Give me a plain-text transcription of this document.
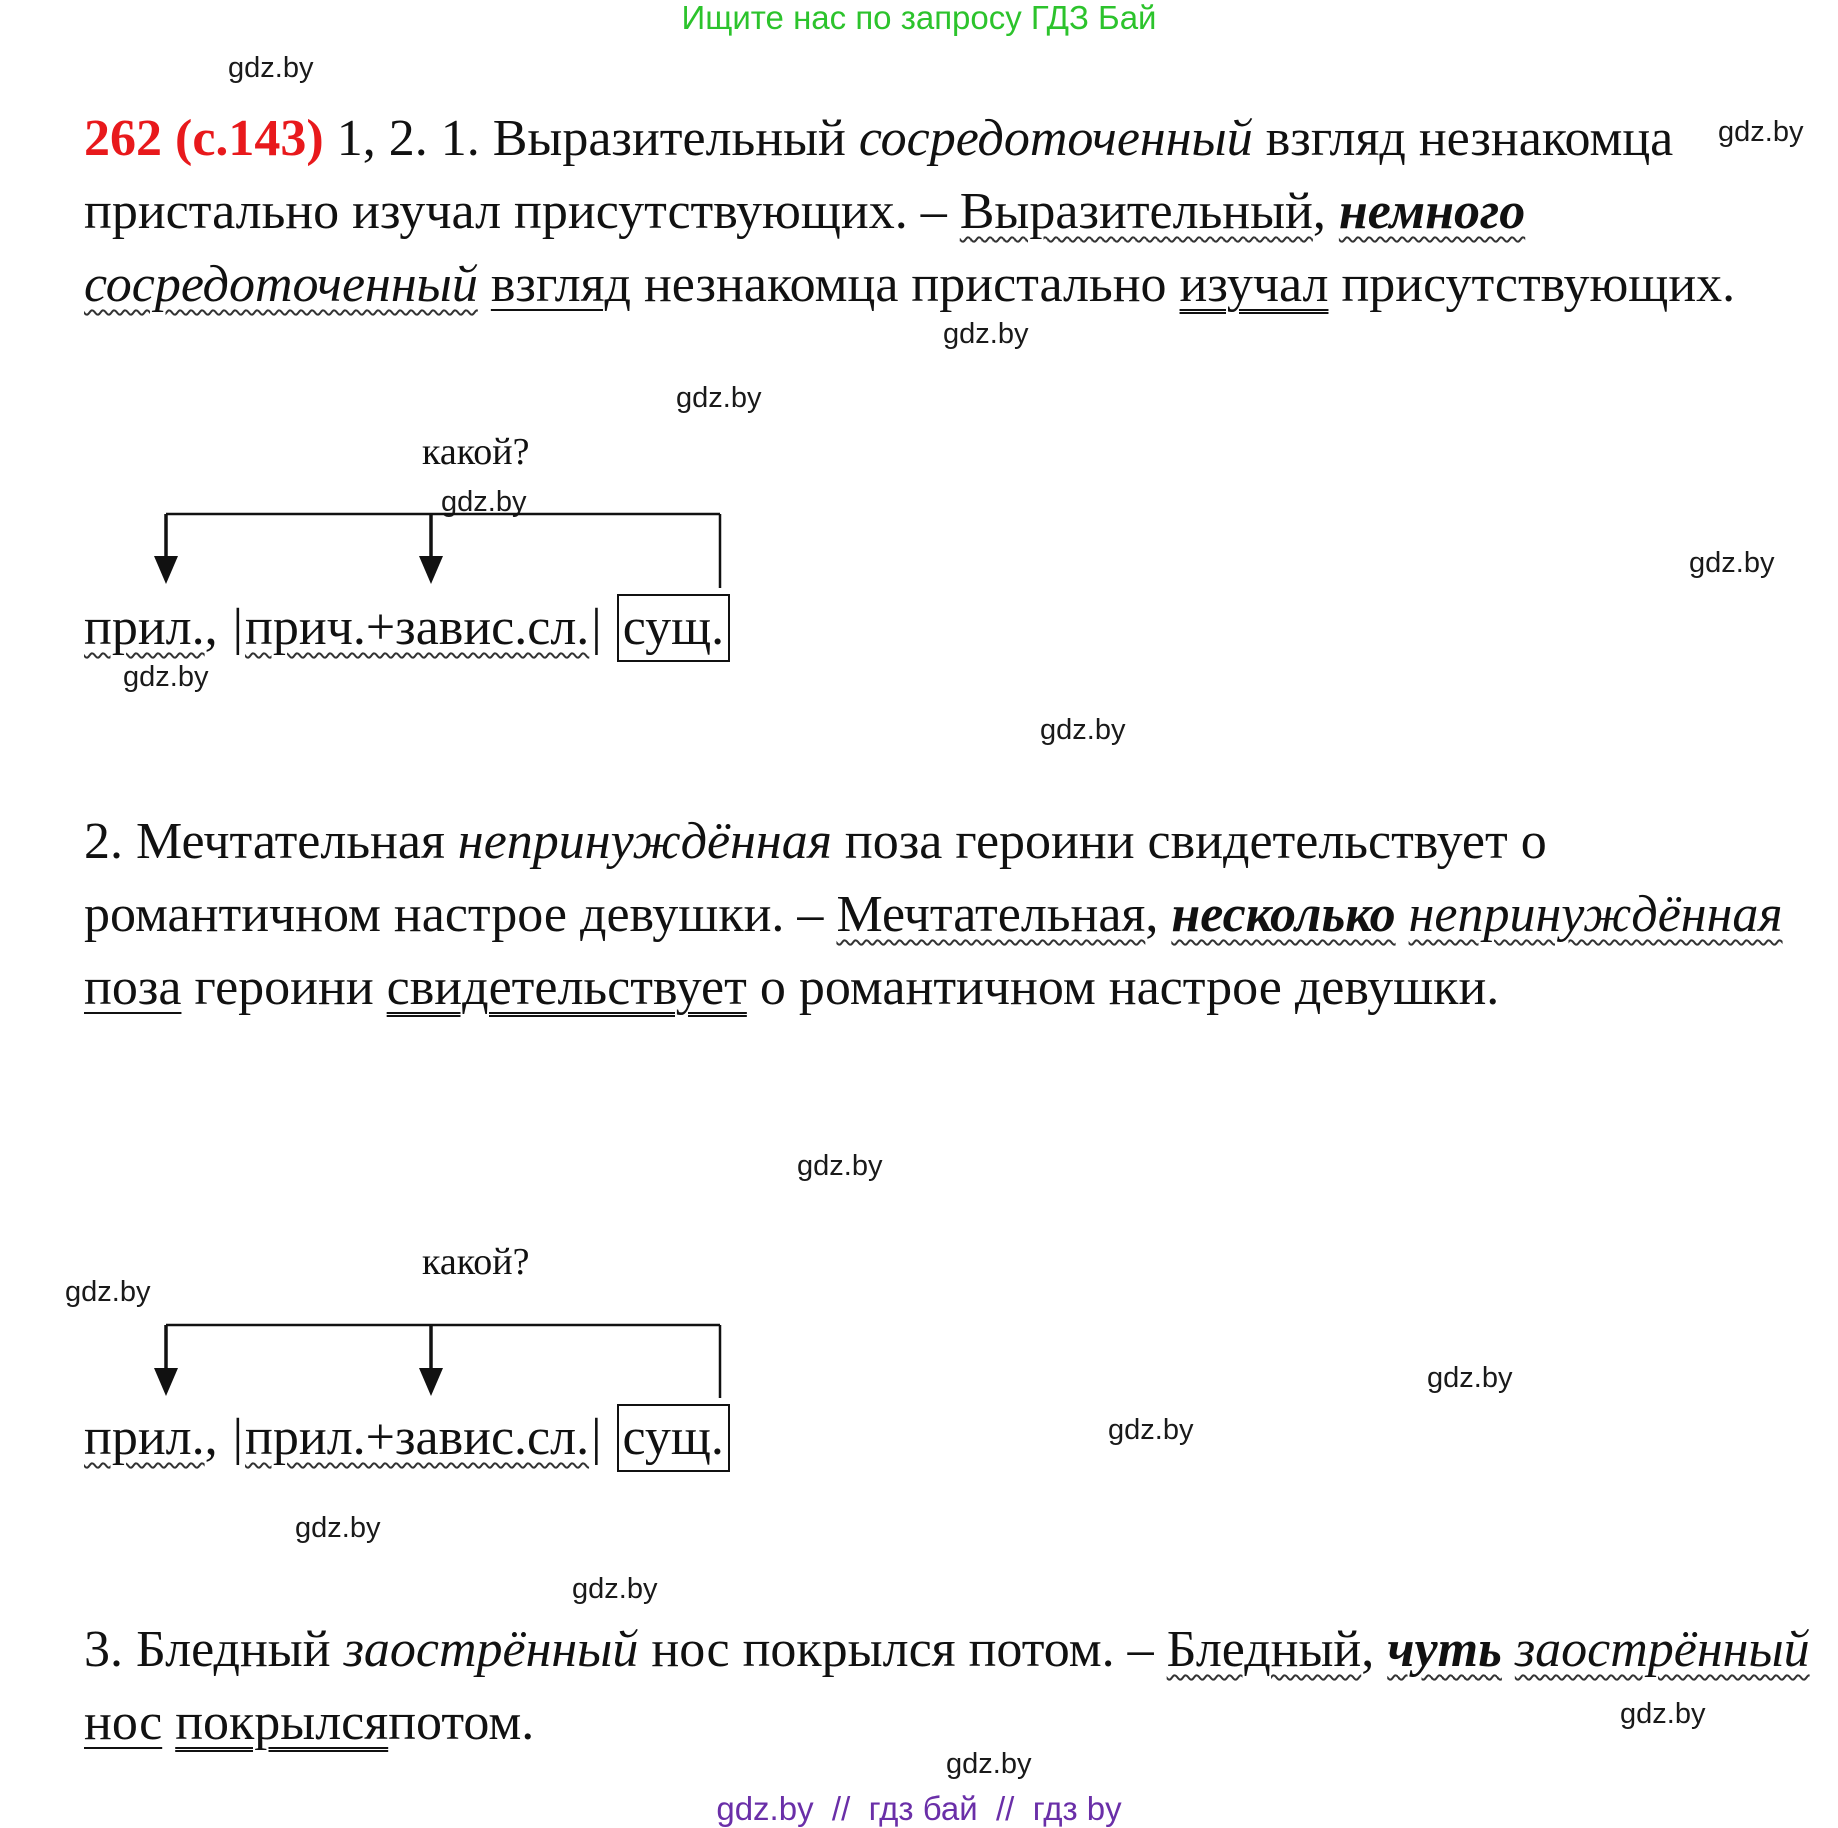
Ищите нас по запросу ГДЗ Бай
gdz.by
gdz.by
gdz.by
gdz.by
gdz.by
gdz.by
gdz.by
gdz.by
gdz.by
gdz.by
gdz.by
gdz.by
gdz.by
gdz.by
gdz.by
gdz.by
262 (с.143) 1, 2. 1. Выразительный сосредоточенный взгляд незнакомца пристально изучал присутствующих. – Выразительный, немного сосредоточенный взгляд незнакомца пристально изучал присутствующих.
какой?
прил., |прич.+завис.сл.| сущ.
2. Мечтательная непринуждённая поза героини свидетельствует о романтичном настрое девушки. – Мечтательная, несколько непринуждённая поза героини свидетельствует о романтичном настрое девушки.
какой?
прил., |прил.+завис.сл.| сущ.
3. Бледный заострённый нос покрылся потом. – Бледный, чуть заострённый нос покрылсяпотом.
gdz.by // гдз бай // гдз by
